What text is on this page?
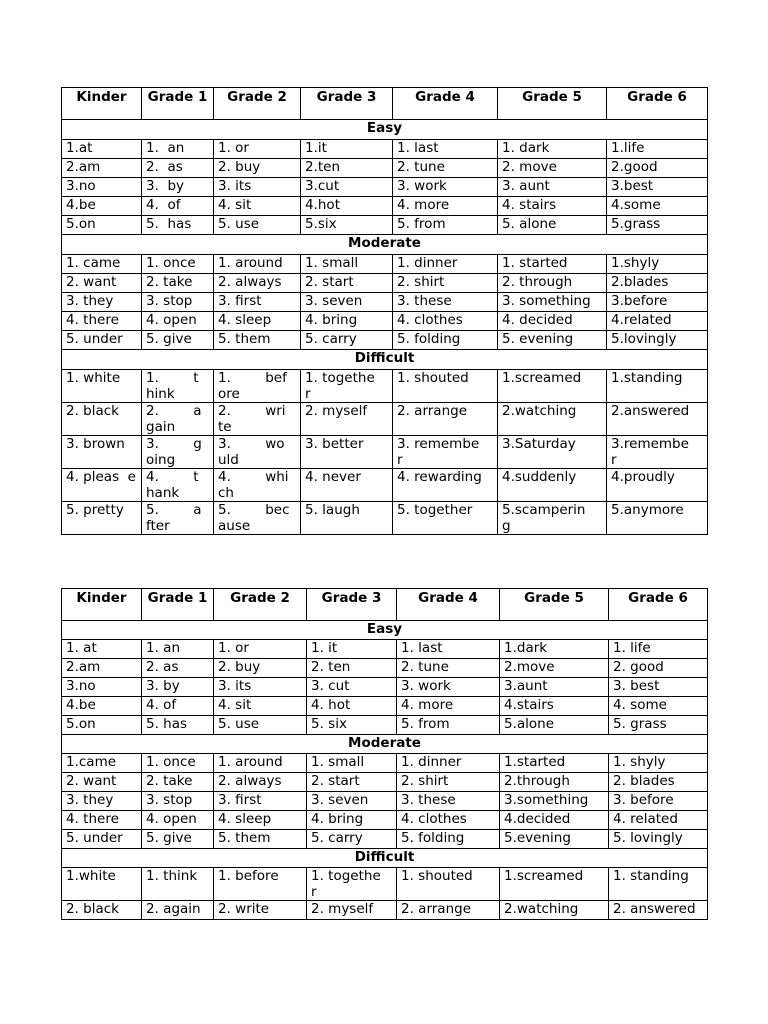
Kinder	Grade 1	Grade 2	Grade 3	Grade 4	Grade 5	Grade 6
Easy						
1.at	1.  an	1. or	1.it	1. last	1. dark	1.life
2.am	2.  as	2. buy	2.ten	2. tune	2. move	2.good
3.no	3.  by	3. its	3.cut	3. work	3. aunt	3.best
4.be	4.  of	4. sit	4.hot	4. more	4. stairs	4.some
5.on	5.  has	5. use	5.six	5. from	5. alone	5.grass
Moderate						
1. came	1. once	1. around	1. small	1. dinner	1. started	1.shyly
2. want	2. take	2. always	2. start	2. shirt	2. through	2.blades
3. they	3. stop	3. first	3. seven	3. these	3. something	3.before
4. there	4. open	4. sleep	4. bring	4. clothes	4. decided	4.related
5. under	5. give	5. them	5. carry	5. folding	5. evening	5.lovingly
Difficult						
1. white	1.        t  hink	1.        bef  ore	1. togethe  r	1. shouted	1.screamed	1.standing
2. black	2.        a  gain	2.        wri  te	2. myself	2. arrange	2.watching	2.answered
3. brown	3.        g  oing	3.        wo  uld	3. better	3. remembe  r	3.Saturday	3.remembe  r
4. pleas  e	4.        t  hank	4.        whi  ch	4. never	4. rewarding	4.suddenly	4.proudly
5. pretty	5.        a  fter	5.        bec  ause	5. laugh	5. together	5.scamperin  g	5.anymore
Kinder	Grade 1	Grade 2	Grade 3	Grade 4	Grade 5	Grade 6
Easy						
1. at	1. an	1. or	1. it	1. last	1.dark	1. life
2.am	2. as	2. buy	2. ten	2. tune	2.move	2. good
3.no	3. by	3. its	3. cut	3. work	3.aunt	3. best
4.be	4. of	4. sit	4. hot	4. more	4.stairs	4. some
5.on	5. has	5. use	5. six	5. from	5.alone	5. grass
Moderate						
1.came	1. once	1. around	1. small	1. dinner	1.started	1. shyly
2. want	2. take	2. always	2. start	2. shirt	2.through	2. blades
3. they	3. stop	3. first	3. seven	3. these	3.something	3. before
4. there	4. open	4. sleep	4. bring	4. clothes	4.decided	4. related
5. under	5. give	5. them	5. carry	5. folding	5.evening	5. lovingly
Difficult						
1.white	1. think	1. before	1. togethe  r	1. shouted	1.screamed	1. standing
2. black	2. again	2. write	2. myself	2. arrange	2.watching	2. answered
